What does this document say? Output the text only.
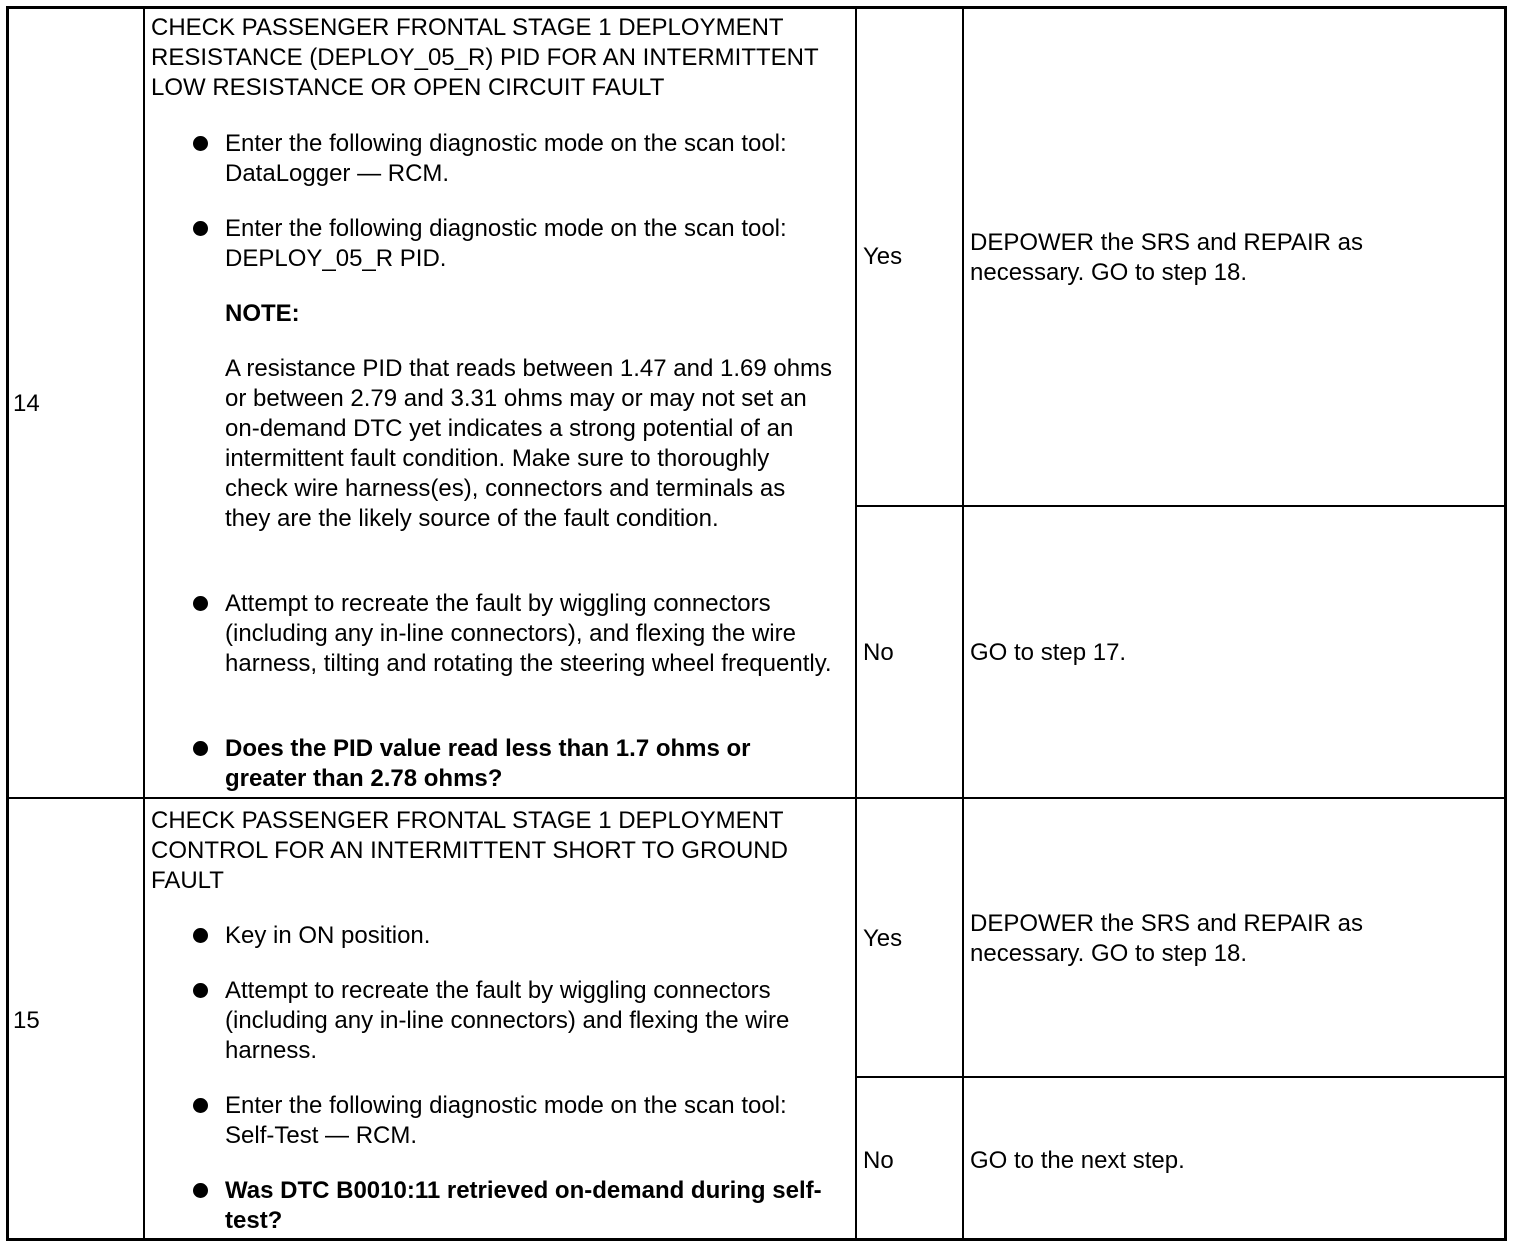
14
CHECK PASSENGER FRONTAL STAGE 1 DEPLOYMENT RESISTANCE (DEPLOY_05_R) PID FOR AN INTERMITTENT LOW RESISTANCE OR OPEN CIRCUIT FAULT
Enter the following diagnostic mode on the scan tool: DataLogger — RCM.
Enter the following diagnostic mode on the scan tool: DEPLOY_05_R PID.
NOTE:
A resistance PID that reads between 1.47 and 1.69 ohms or between 2.79 and 3.31 ohms may or may not set an on-demand DTC yet indicates a strong potential of an intermittent fault condition. Make sure to thoroughly check wire harness(es), connectors and terminals as they are the likely source of the fault condition.
Attempt to recreate the fault by wiggling connectors (including any in-line connectors), and flexing the wire harness, tilting and rotating the steering wheel frequently.
Does the PID value read less than 1.7 ohms or greater than 2.78 ohms?
Yes
DEPOWER the SRS and REPAIR as necessary. GO to step 18.
No	GO to step 17.
15
CHECK PASSENGER FRONTAL STAGE 1 DEPLOYMENT CONTROL FOR AN INTERMITTENT SHORT TO GROUND FAULT
Key in ON position.
Attempt to recreate the fault by wiggling connectors (including any in-line connectors) and flexing the wire harness.
Enter the following diagnostic mode on the scan tool: Self-Test — RCM.
Was DTC B0010:11 retrieved on-demand during self-test?
Yes
DEPOWER the SRS and REPAIR as necessary. GO to step 18.
No	GO to the next step.
